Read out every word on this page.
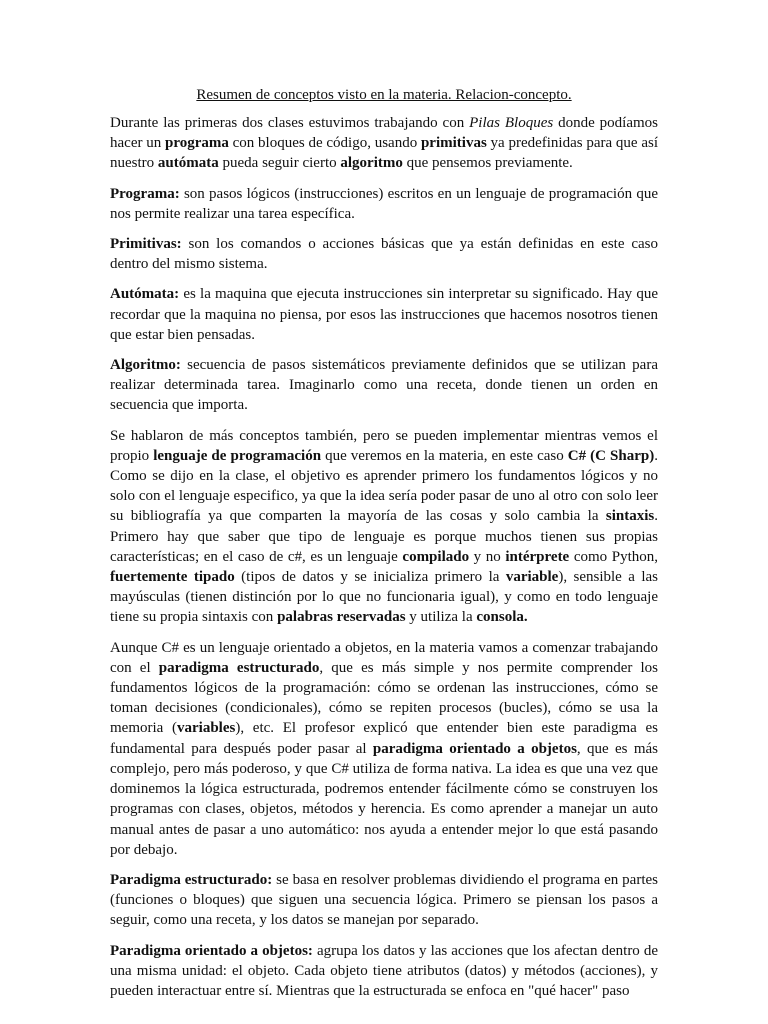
Resumen de conceptos visto en la materia. Relacion-concepto.

Durante las primeras dos clases estuvimos trabajando con Pilas Bloques donde podíamos hacer un programa con bloques de código, usando primitivas ya predefinidas para que así nuestro autómata pueda seguir cierto algoritmo que pensemos previamente.

Programa: son pasos lógicos (instrucciones) escritos en un lenguaje de programación que nos permite realizar una tarea específica.

Primitivas: son los comandos o acciones básicas que ya están definidas en este caso dentro del mismo sistema.

Autómata: es la maquina que ejecuta instrucciones sin interpretar su significado. Hay que recordar que la maquina no piensa, por esos las instrucciones que hacemos nosotros tienen que estar bien pensadas.

Algoritmo: secuencia de pasos sistemáticos previamente definidos que se utilizan para realizar determinada tarea. Imaginarlo como una receta, donde tienen un orden en secuencia que importa.

Se hablaron de más conceptos también, pero se pueden implementar mientras vemos el propio lenguaje de programación que veremos en la materia, en este caso C# (C Sharp). Como se dijo en la clase, el objetivo es aprender primero los fundamentos lógicos y no solo con el lenguaje especifico, ya que la idea sería poder pasar de uno al otro con solo leer su bibliografía ya que comparten la mayoría de las cosas y solo cambia la sintaxis. Primero hay que saber que tipo de lenguaje es porque muchos tienen sus propias características; en el caso de c#, es un lenguaje compilado y no intérprete como Python, fuertemente tipado (tipos de datos y se inicializa primero la variable), sensible a las mayúsculas (tienen distinción por lo que no funcionaria igual), y como en todo lenguaje tiene su propia sintaxis con palabras reservadas y utiliza la consola.

Aunque C# es un lenguaje orientado a objetos, en la materia vamos a comenzar trabajando con el paradigma estructurado, que es más simple y nos permite comprender los fundamentos lógicos de la programación: cómo se ordenan las instrucciones, cómo se toman decisiones (condicionales), cómo se repiten procesos (bucles), cómo se usa la memoria (variables), etc. El profesor explicó que entender bien este paradigma es fundamental para después poder pasar al paradigma orientado a objetos, que es más complejo, pero más poderoso, y que C# utiliza de forma nativa. La idea es que una vez que dominemos la lógica estructurada, podremos entender fácilmente cómo se construyen los programas con clases, objetos, métodos y herencia. Es como aprender a manejar un auto manual antes de pasar a uno automático: nos ayuda a entender mejor lo que está pasando por debajo.

Paradigma estructurado: se basa en resolver problemas dividiendo el programa en partes (funciones o bloques) que siguen una secuencia lógica. Primero se piensan los pasos a seguir, como una receta, y los datos se manejan por separado.

Paradigma orientado a objetos: agrupa los datos y las acciones que los afectan dentro de una misma unidad: el objeto. Cada objeto tiene atributos (datos) y métodos (acciones), y pueden interactuar entre sí. Mientras que la estructurada se enfoca en "qué hacer" paso
